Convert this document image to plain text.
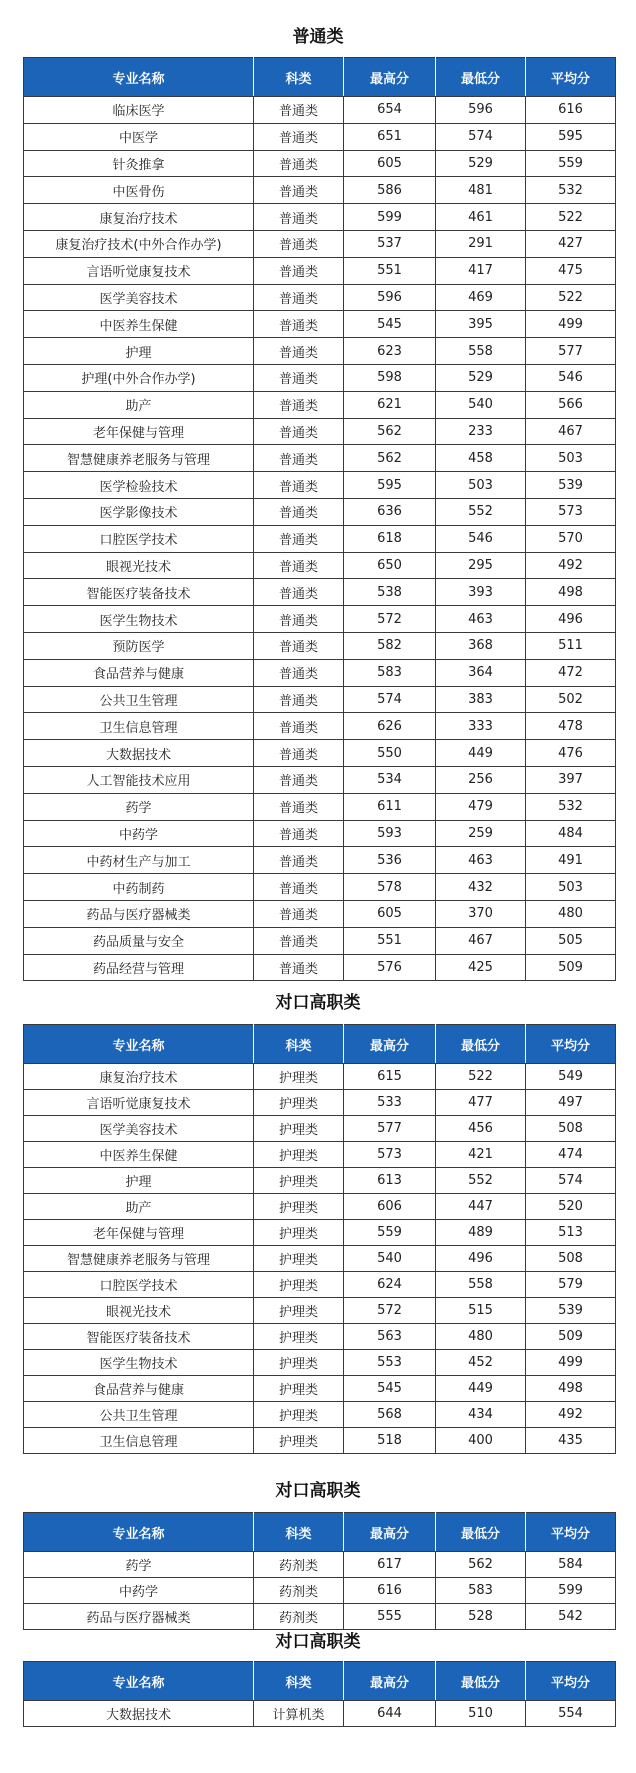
普通类
专业名称	科类	最高分	最低分	平均分
临床医学	普通类	654	596	616
中医学	普通类	651	574	595
针灸推拿	普通类	605	529	559
中医骨伤	普通类	586	481	532
康复治疗技术	普通类	599	461	522
康复治疗技术(中外合作办学)	普通类	537	291	427
言语听觉康复技术	普通类	551	417	475
医学美容技术	普通类	596	469	522
中医养生保健	普通类	545	395	499
护理	普通类	623	558	577
护理(中外合作办学)	普通类	598	529	546
助产	普通类	621	540	566
老年保健与管理	普通类	562	233	467
智慧健康养老服务与管理	普通类	562	458	503
医学检验技术	普通类	595	503	539
医学影像技术	普通类	636	552	573
口腔医学技术	普通类	618	546	570
眼视光技术	普通类	650	295	492
智能医疗装备技术	普通类	538	393	498
医学生物技术	普通类	572	463	496
预防医学	普通类	582	368	511
食品营养与健康	普通类	583	364	472
公共卫生管理	普通类	574	383	502
卫生信息管理	普通类	626	333	478
大数据技术	普通类	550	449	476
人工智能技术应用	普通类	534	256	397
药学	普通类	611	479	532
中药学	普通类	593	259	484
中药材生产与加工	普通类	536	463	491
中药制药	普通类	578	432	503
药品与医疗器械类	普通类	605	370	480
药品质量与安全	普通类	551	467	505
药品经营与管理	普通类	576	425	509
对口高职类
专业名称	科类	最高分	最低分	平均分
康复治疗技术	护理类	615	522	549
言语听觉康复技术	护理类	533	477	497
医学美容技术	护理类	577	456	508
中医养生保健	护理类	573	421	474
护理	护理类	613	552	574
助产	护理类	606	447	520
老年保健与管理	护理类	559	489	513
智慧健康养老服务与管理	护理类	540	496	508
口腔医学技术	护理类	624	558	579
眼视光技术	护理类	572	515	539
智能医疗装备技术	护理类	563	480	509
医学生物技术	护理类	553	452	499
食品营养与健康	护理类	545	449	498
公共卫生管理	护理类	568	434	492
卫生信息管理	护理类	518	400	435
对口高职类
专业名称	科类	最高分	最低分	平均分
药学	药剂类	617	562	584
中药学	药剂类	616	583	599
药品与医疗器械类	药剂类	555	528	542
对口高职类
专业名称	科类	最高分	最低分	平均分
大数据技术	计算机类	644	510	554
